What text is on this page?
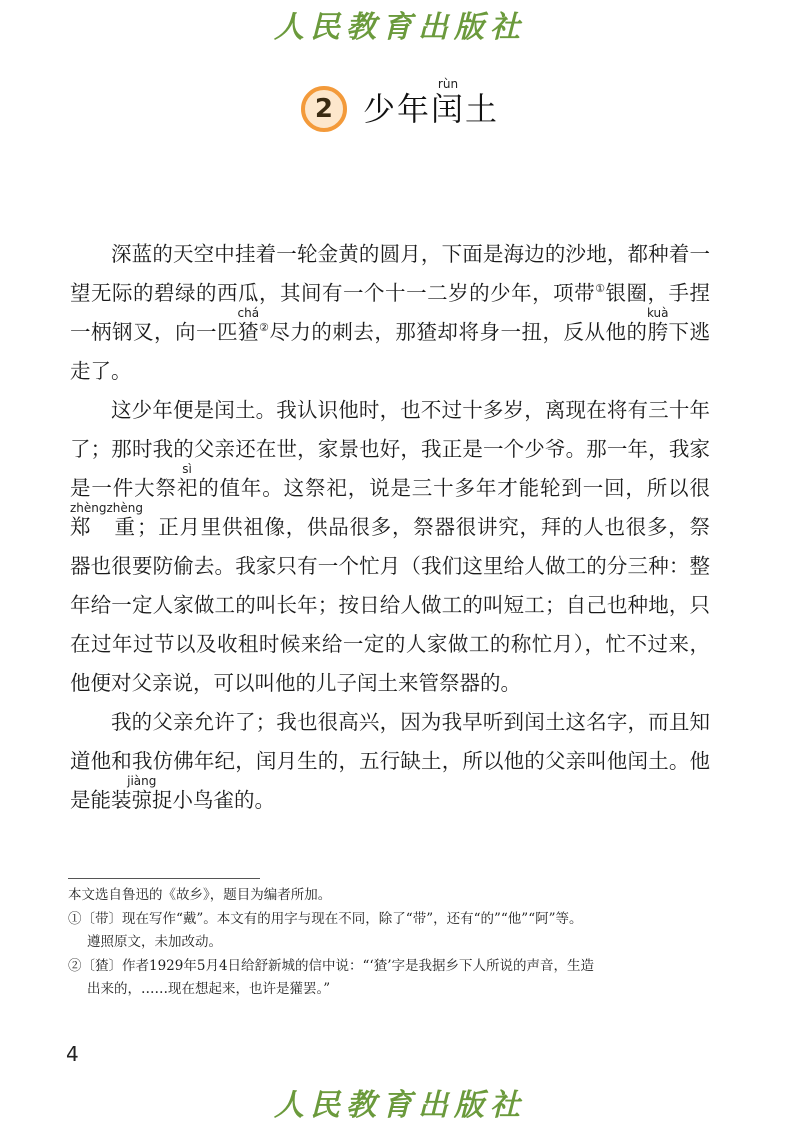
人民教育出版社
2 少年闰rùn土

深蓝的天空中挂着一轮金黄的圆月，下面是海边的沙地，都种着一望无际的碧绿的西瓜，其间有一个十一二岁的少年，项带①银圈，手捏一柄钢叉，向一匹猹chá②尽力的刺去，那猹却将身一扭，反从他的胯kuà下逃走了。

这少年便是闰土。我认识他时，也不过十多岁，离现在将有三十年了；那时我的父亲还在世，家景也好，我正是一个少爷。那一年，我家是一件大祭祀sì的值年。这祭祀，说是三十多年才能轮到一回，所以很郑zhèng重zhèng；正月里供祖像，供品很多，祭器很讲究，拜的人也很多，祭器也很要防偷去。我家只有一个忙月（我们这里给人做工的分三种：整年给一定人家做工的叫长年；按日给人做工的叫短工；自己也种地，只在过年过节以及收租时候来给一定的人家做工的称忙月），忙不过来，他便对父亲说，可以叫他的儿子闰土来管祭器的。

我的父亲允许了；我也很高兴，因为我早听到闰土这名字，而且知道他和我仿佛年纪，闰月生的，五行缺土，所以他的父亲叫他闰土。他是能装弶jiàng捉小鸟雀的。

本文选自鲁迅的《故乡》，题目为编者所加。

①〔带〕现在写作“戴”。本文有的用字与现在不同，除了“带”，还有“的”“他”“阿”等。

遵照原文，未加改动。

②〔猹〕作者1929年5月4日给舒新城的信中说：“‘猹’字是我据乡下人所说的声音，生造

出来的，……现在想起来，也许是獾罢。”

4
人民教育出版社
